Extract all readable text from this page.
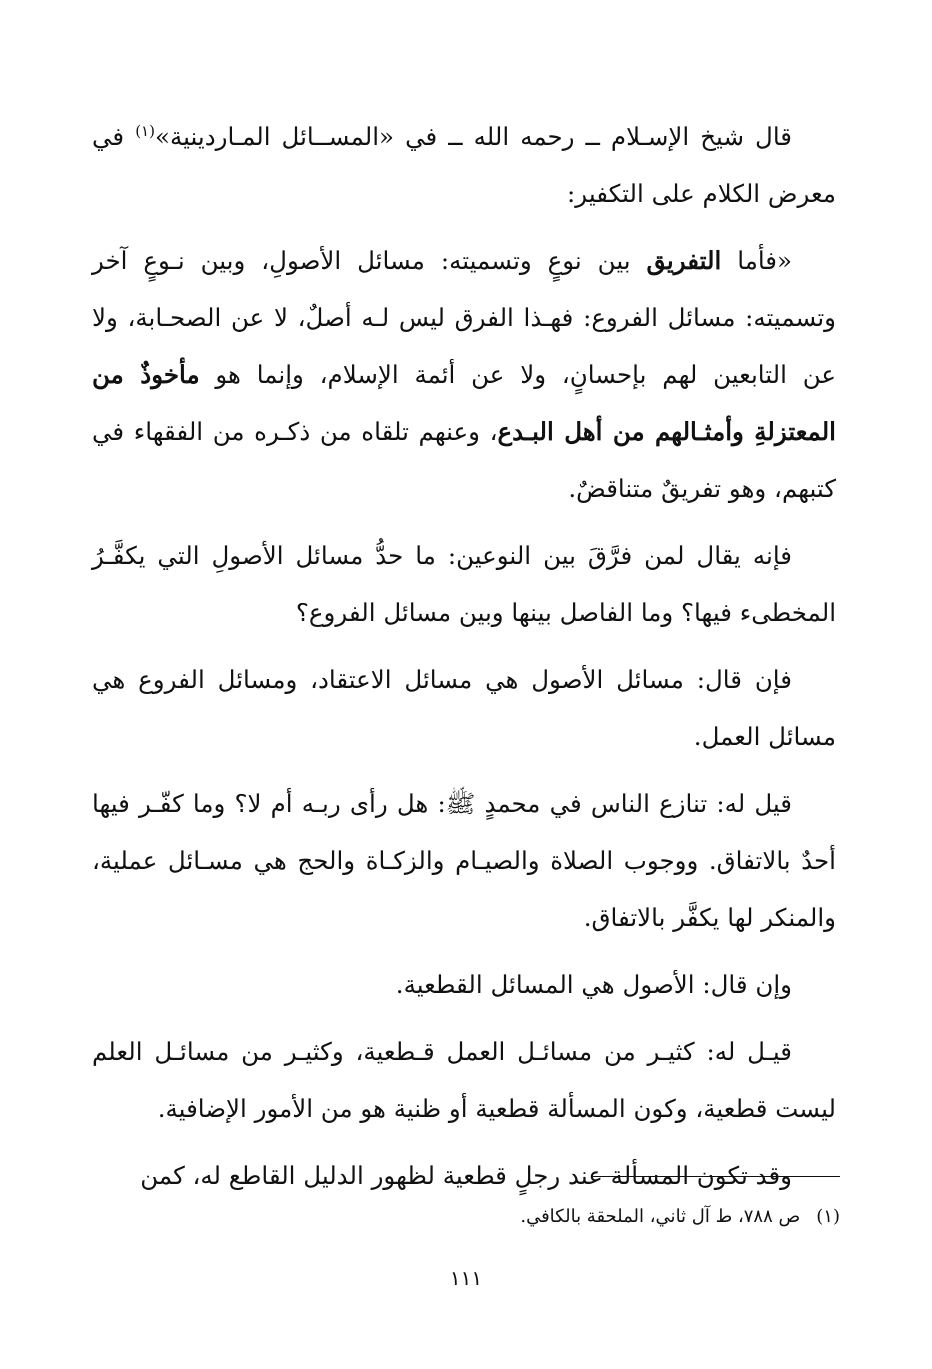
قال شيخ الإسـلام ــ رحمه الله ــ في «المســائل المـاردينية»$^{(١)}$ في معرض الكلام على التكفير:

«فأما التفريق بين نوعٍ وتسميته: مسائل الأصولِ، وبين نـوعٍ آخر وتسميته: مسائل الفروع: فهـذا الفرق ليس لـه أصلٌ، لا عن الصحـابة، ولا عن التابعين لهم بإحسانٍ، ولا عن أئمة الإسلام، وإنما هو مأخوذٌ من المعتزلةِ وأمثـالهم من أهل البـدع، وعنهم تلقاه من ذكـره من الفقهاء في كتبهم، وهو تفريقٌ متناقضٌ.

فإنه يقال لمن فرَّقَ بين النوعين: ما حدُّ مسائل الأصولِ التي يكفَّـرُ المخطىء فيها؟ وما الفاصل بينها وبين مسائل الفروع؟

فإن قال: مسائل الأصول هي مسائل الاعتقاد، ومسائل الفروع هي مسائل العمل.

قيل له: تنازع الناس في محمدٍ ﷺ: هل رأى ربـه أم لا؟ وما كفّـر فيها أحدٌ بالاتفاق. ووجوب الصلاة والصيـام والزكـاة والحج هي مسـائل عملية، والمنكر لها يكفَّر بالاتفاق.

وإن قال: الأصول هي المسائل القطعية.

قيـل له: كثيـر من مسائـل العمل قـطعية، وكثيـر من مسائـل العلم ليست قطعية، وكون المسألة قطعية أو ظنية هو من الأمور الإضافية.

وقد تكون المسألة عند رجلٍ قطعية لظهور الدليل القاطع له، كمن

(١)ص ٧٨٨، ط آل ثاني، الملحقة بالكافي.
١١١
